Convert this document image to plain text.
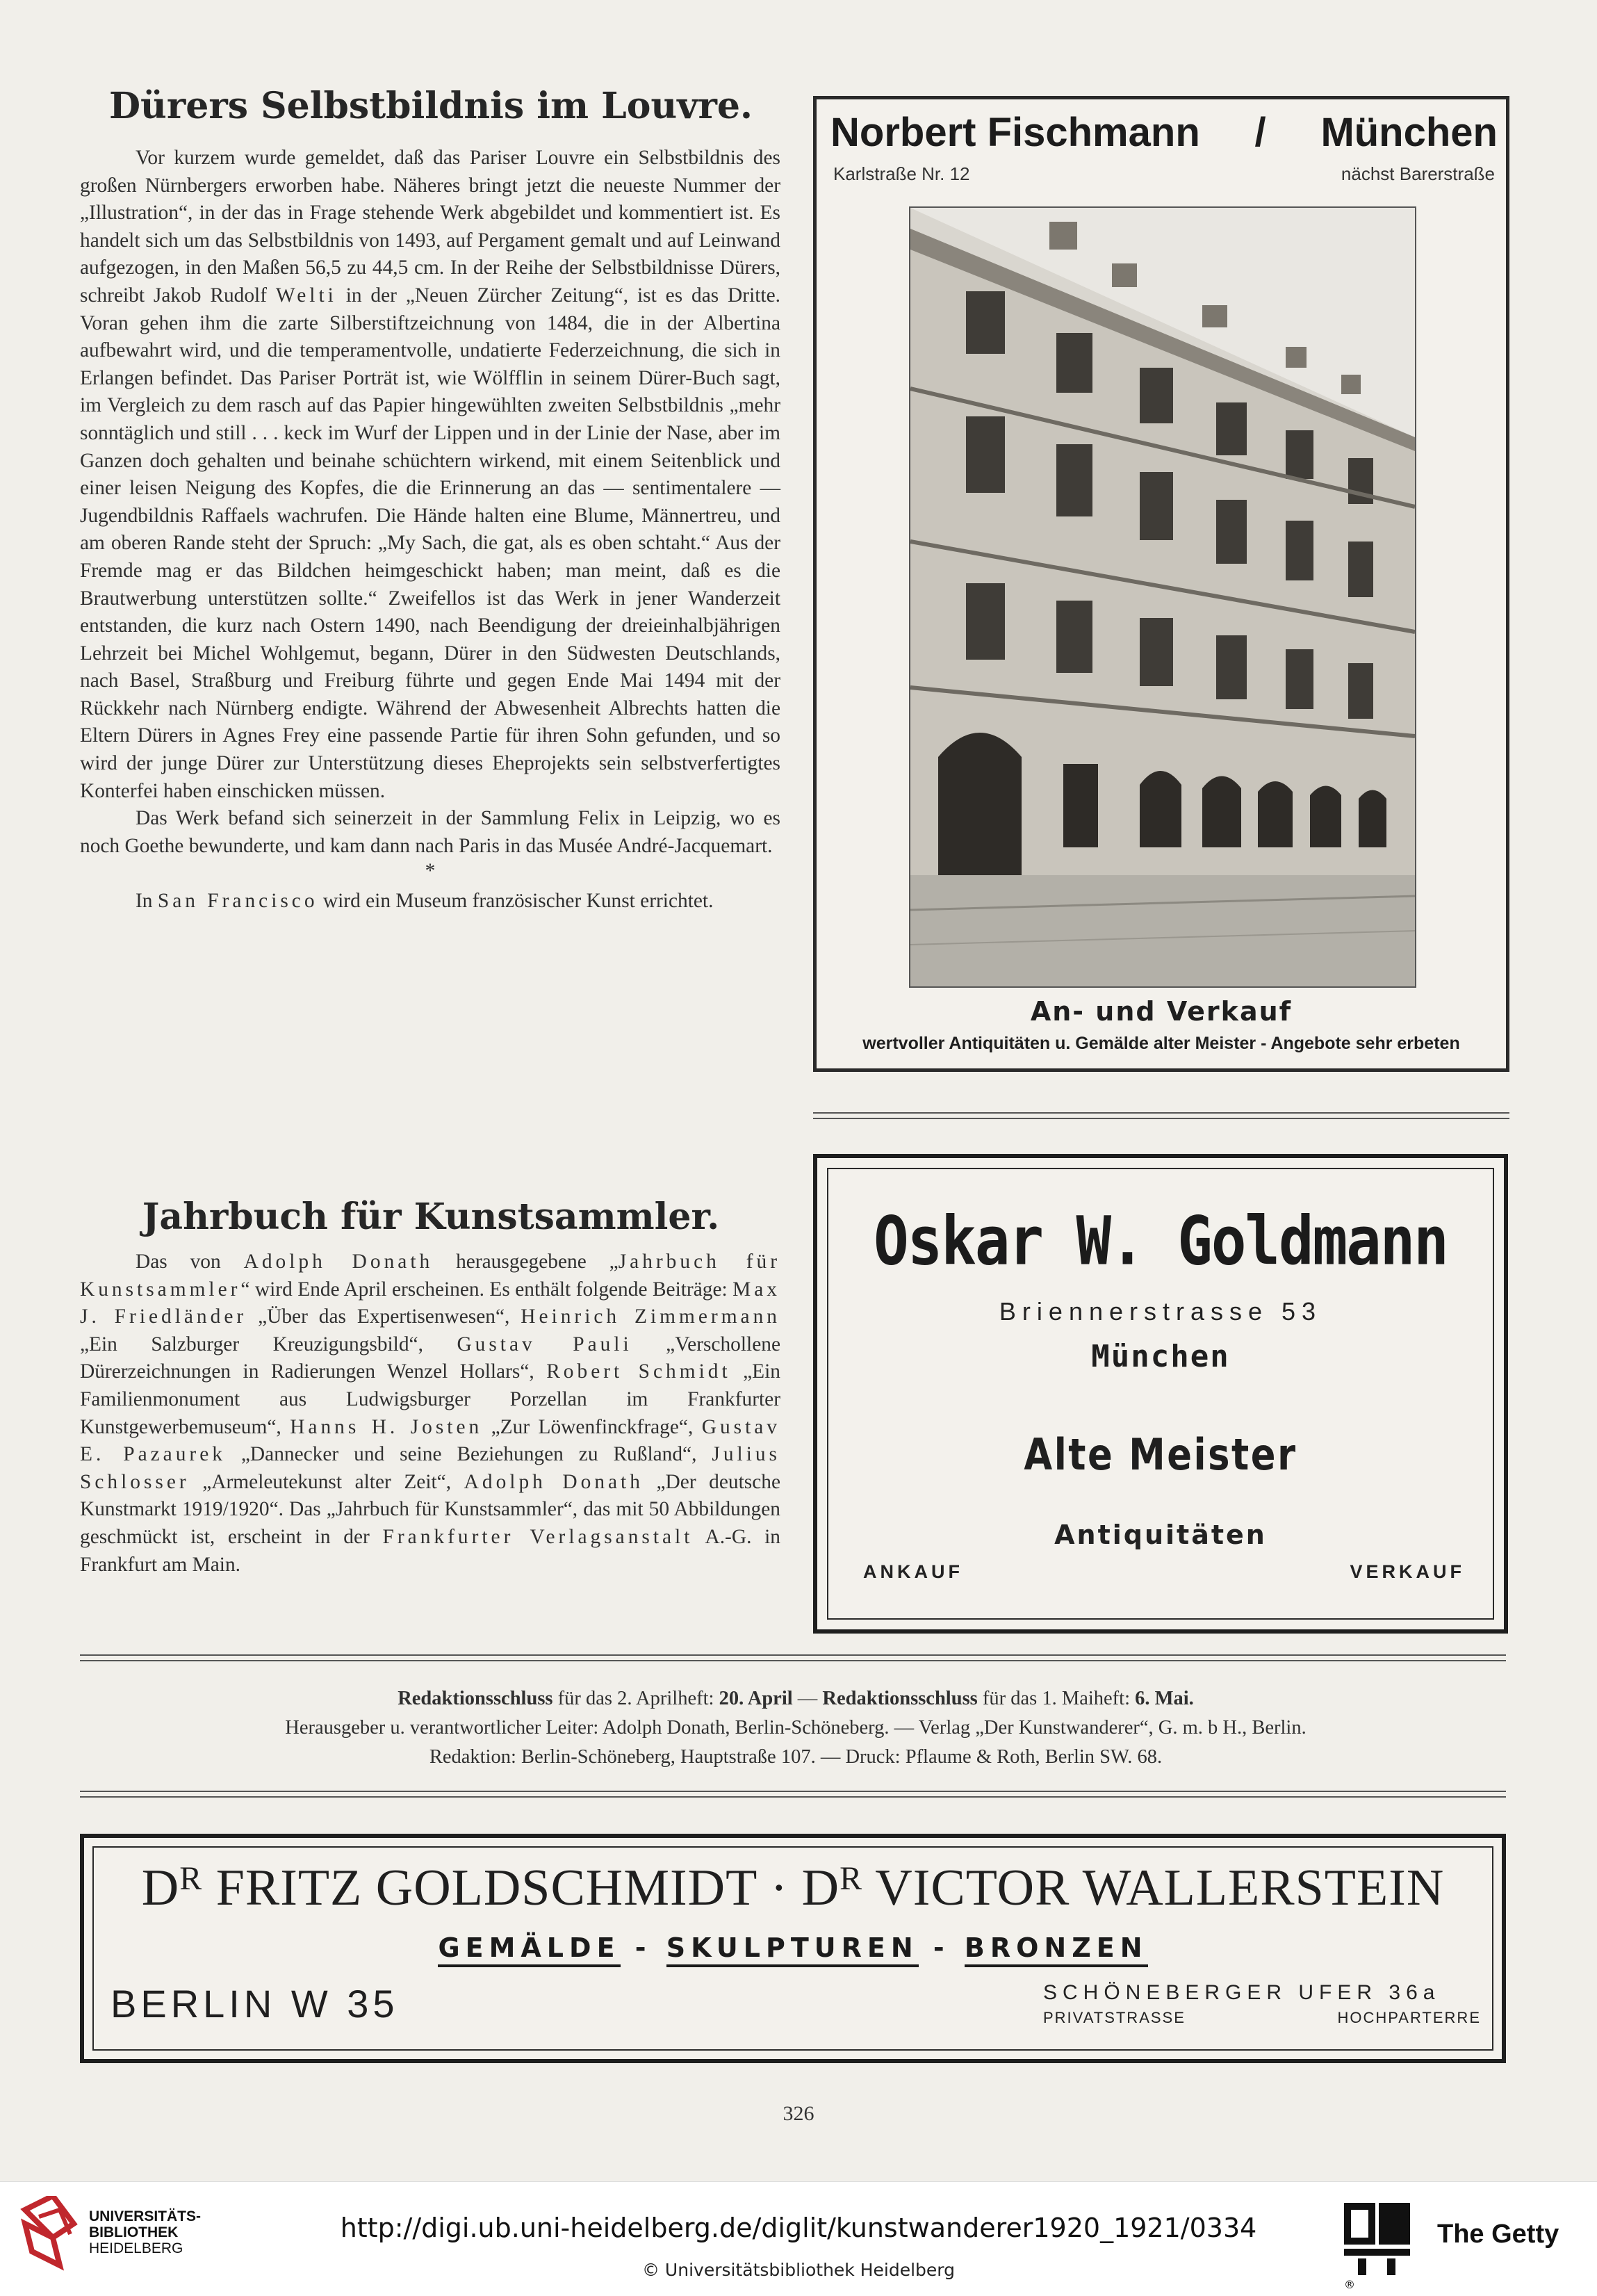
Dürers Selbstbildnis im Louvre.

Vor kurzem wurde gemeldet, daß das Pariser Louvre ein Selbstbildnis des großen Nürnbergers erworben habe. Näheres bringt jetzt die neueste Nummer der „Illustration“, in der das in Frage stehende Werk abgebildet und kommentiert ist. Es handelt sich um das Selbstbildnis von 1493, auf Pergament gemalt und auf Leinwand aufgezogen, in den Maßen 56,5 zu 44,5 cm. In der Reihe der Selbstbildnisse Dürers, schreibt Jakob Rudolf Welti in der „Neuen Zürcher Zeitung“, ist es das Dritte. Voran gehen ihm die zarte Silberstiftzeichnung von 1484, die in der Albertina aufbewahrt wird, und die temperamentvolle, undatierte Federzeichnung, die sich in Erlangen befindet. Das Pariser Porträt ist, wie Wölfflin in seinem Dürer-Buch sagt, im Vergleich zu dem rasch auf das Papier hingewühlten zweiten Selbstbildnis „mehr sonntäglich und still . . . keck im Wurf der Lippen und in der Linie der Nase, aber im Ganzen doch gehalten und beinahe schüchtern wirkend, mit einem Seitenblick und einer leisen Neigung des Kopfes, die die Erinnerung an das — sentimentalere — Jugendbildnis Raffaels wachrufen. Die Hände halten eine Blume, Männertreu, und am oberen Rande steht der Spruch: „My Sach, die gat, als es oben schtaht.“ Aus der Fremde mag er das Bildchen heimgeschickt haben; man meint, daß es die Brautwerbung unterstützen sollte.“ Zweifellos ist das Werk in jener Wanderzeit entstanden, die kurz nach Ostern 1490, nach Beendigung der dreieinhalbjährigen Lehrzeit bei Michel Wohlgemut, begann, Dürer in den Südwesten Deutschlands, nach Basel, Straßburg und Freiburg führte und gegen Ende Mai 1494 mit der Rückkehr nach Nürnberg endigte. Während der Abwesenheit Albrechts hatten die Eltern Dürers in Agnes Frey eine passende Partie für ihren Sohn gefunden, und so wird der junge Dürer zur Unterstützung dieses Eheprojekts sein selbstverfertigtes Konterfei haben einschicken müssen.

Das Werk befand sich seinerzeit in der Sammlung Felix in Leipzig, wo es noch Goethe bewunderte, und kam dann nach Paris in das Musée André-Jacquemart.

*

In San Francisco wird ein Museum französischer Kunst errichtet.

Jahrbuch für Kunstsammler.

Das von Adolph Donath herausgegebene „Jahrbuch für Kunstsammler“ wird Ende April erscheinen. Es enthält folgende Beiträge: Max J. Friedländer „Über das Expertisenwesen“, Heinrich Zimmermann „Ein Salzburger Kreuzigungsbild“, Gustav Pauli „Verschollene Dürerzeichnungen in Radierungen Wenzel Hollars“, Robert Schmidt „Ein Familienmonument aus Ludwigsburger Porzellan im Frankfurter Kunstgewerbemuseum“, Hanns H. Josten „Zur Löwenfinckfrage“, Gustav E. Pazaurek „Dannecker und seine Beziehungen zu Rußland“, Julius Schlosser „Armeleutekunst alter Zeit“, Adolph Donath „Der deutsche Kunstmarkt 1919/1920“. Das „Jahrbuch für Kunstsammler“, das mit 50 Abbildungen geschmückt ist, erscheint in der Frankfurter Verlagsanstalt A.-G. in Frankfurt am Main.

Norbert Fischmann / München
Karlstraße Nr. 12	nächst Barerstraße
An- und Verkauf
wertvoller Antiquitäten u. Gemälde alter Meister - Angebote sehr erbeten
Oskar W. Goldmann
Briennerstrasse 53
München
Alte Meister
Antiquitäten
ANKAUF	VERKAUF
Redaktionsschluss für das 2. Aprilheft: 20. April — Redaktionsschluss für das 1. Maiheft: 6. Mai.
Herausgeber u. verantwortlicher Leiter: Adolph Donath, Berlin-Schöneberg. — Verlag „Der Kunstwanderer“, G. m. b H., Berlin.
Redaktion: Berlin-Schöneberg, Hauptstraße 107. — Druck: Pflaume & Roth, Berlin SW. 68.
$D^R$ FRITZ GOLDSCHMIDT · $D^R$ VICTOR WALLERSTEIN
GEMÄLDE - SKULPTUREN - BRONZEN
BERLIN W 35	SCHÖNEBERGER UFER 36a
PRIVATSTRASSE	HOCHPARTERRE
326
UNIVERSITÄTS-
BIBLIOTHEK
HEIDELBERG
http://digi.ub.uni-heidelberg.de/diglit/kunstwanderer1920_1921/0334
© Universitätsbibliothek Heidelberg
The Getty
®
